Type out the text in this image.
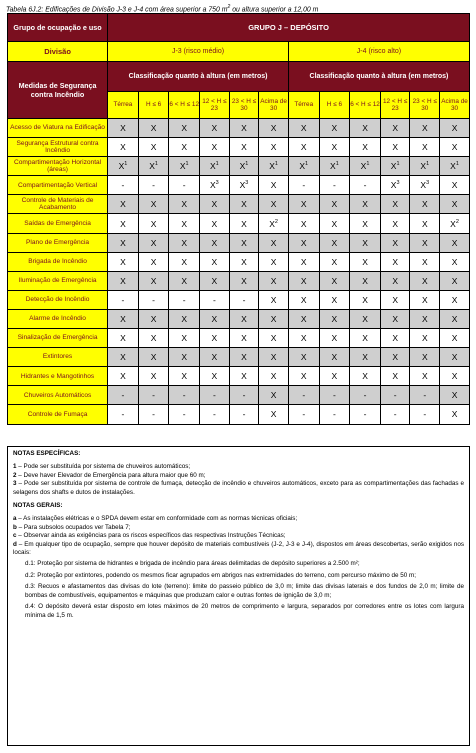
Tabela 6J.2: Edificações de Divisão J-3 e J-4 com área superior a 750 $m^2$ ou altura superior a 12,00 m
Grupo de ocupação e uso	GRUPO J – DEPÓSITO											
Divisão	J-3 (risco médio)						J-4 (risco alto)					
Medidas de Segurança contra Incêndio	Classificação quanto à altura (em metros)						Classificação quanto à altura (em metros)					
	Térrea	H ≤ 6	6 < H ≤ 12	12 < H ≤ 23	23 < H ≤ 30	Acima de 30	Térrea	H ≤ 6	6 < H ≤ 12	12 < H ≤ 23	23 < H ≤ 30	Acima de 30
Acesso de Viatura na Edificação	X	X	X	X	X	X	X	X	X	X	X	X
Segurança Estrutural contra Incêndio	X	X	X	X	X	X	X	X	X	X	X	X
Compartimentação Horizontal (áreas)	$X^1$	$X^1$	$X^1$	$X^1$	$X^1$	$X^1$	$X^1$	$X^1$	$X^1$	$X^1$	$X^1$	$X^1$
Compartimentação Vertical	-	-	-	$X^3$	$X^3$	X	-	-	-	$X^3$	$X^3$	X
Controle de Materiais de Acabamento	X	X	X	X	X	X	X	X	X	X	X	X
Saídas de Emergência	X	X	X	X	X	$X^2$	X	X	X	X	X	$X^2$
Plano de Emergência	X	X	X	X	X	X	X	X	X	X	X	X
Brigada de Incêndio	X	X	X	X	X	X	X	X	X	X	X	X
Iluminação de Emergência	X	X	X	X	X	X	X	X	X	X	X	X
Detecção de Incêndio	-	-	-	-	-	X	X	X	X	X	X	X
Alarme de Incêndio	X	X	X	X	X	X	X	X	X	X	X	X
Sinalização de Emergência	X	X	X	X	X	X	X	X	X	X	X	X
Extintores	X	X	X	X	X	X	X	X	X	X	X	X
Hidrantes e Mangotinhos	X	X	X	X	X	X	X	X	X	X	X	X
Chuveiros Automáticos	-	-	-	-	-	X	-	-	-	-	-	X
Controle de Fumaça	-	-	-	-	-	X	-	-	-	-	-	X

NOTAS ESPECÍFICAS:

1 – Pode ser substituída por sistema de chuveiros automáticos;

2 – Deve haver Elevador de Emergência para altura maior que 60 m;

3 – Pode ser substituída por sistema de controle de fumaça, detecção de incêndio e chuveiros automáticos, exceto para as compartimentações das fachadas e selagens dos shafts e dutos de instalações.

NOTAS GERAIS:

a – As instalações elétricas e o SPDA devem estar em conformidade com as normas técnicas oficiais;

b – Para subsolos ocupados ver Tabela 7;

c – Observar ainda as exigências para os riscos específicos das respectivas Instruções Técnicas;

d – Em qualquer tipo de ocupação, sempre que houver depósito de materiais combustíveis (J-2, J-3 e J-4), dispostos em áreas descobertas, serão exigidos nos locais:

d.1: Proteção por sistema de hidrantes e brigada de incêndio para áreas delimitadas de depósito superiores a 2.500 m²;

d.2: Proteção por extintores, podendo os mesmos ficar agrupados em abrigos nas extremidades do terreno, com percurso máximo de 50 m;

d.3: Recuos e afastamentos das divisas do lote (terreno): limite do passeio público de 3,0 m; limite das divisas laterais e dos fundos de 2,0 m; limite de bombas de combustíveis, equipamentos e máquinas que produzam calor e outras fontes de ignição de 3,0 m;

d.4: O depósito deverá estar disposto em lotes máximos de 20 metros de comprimento e largura, separados por corredores entre os lotes com largura mínima de 1,5 m.
